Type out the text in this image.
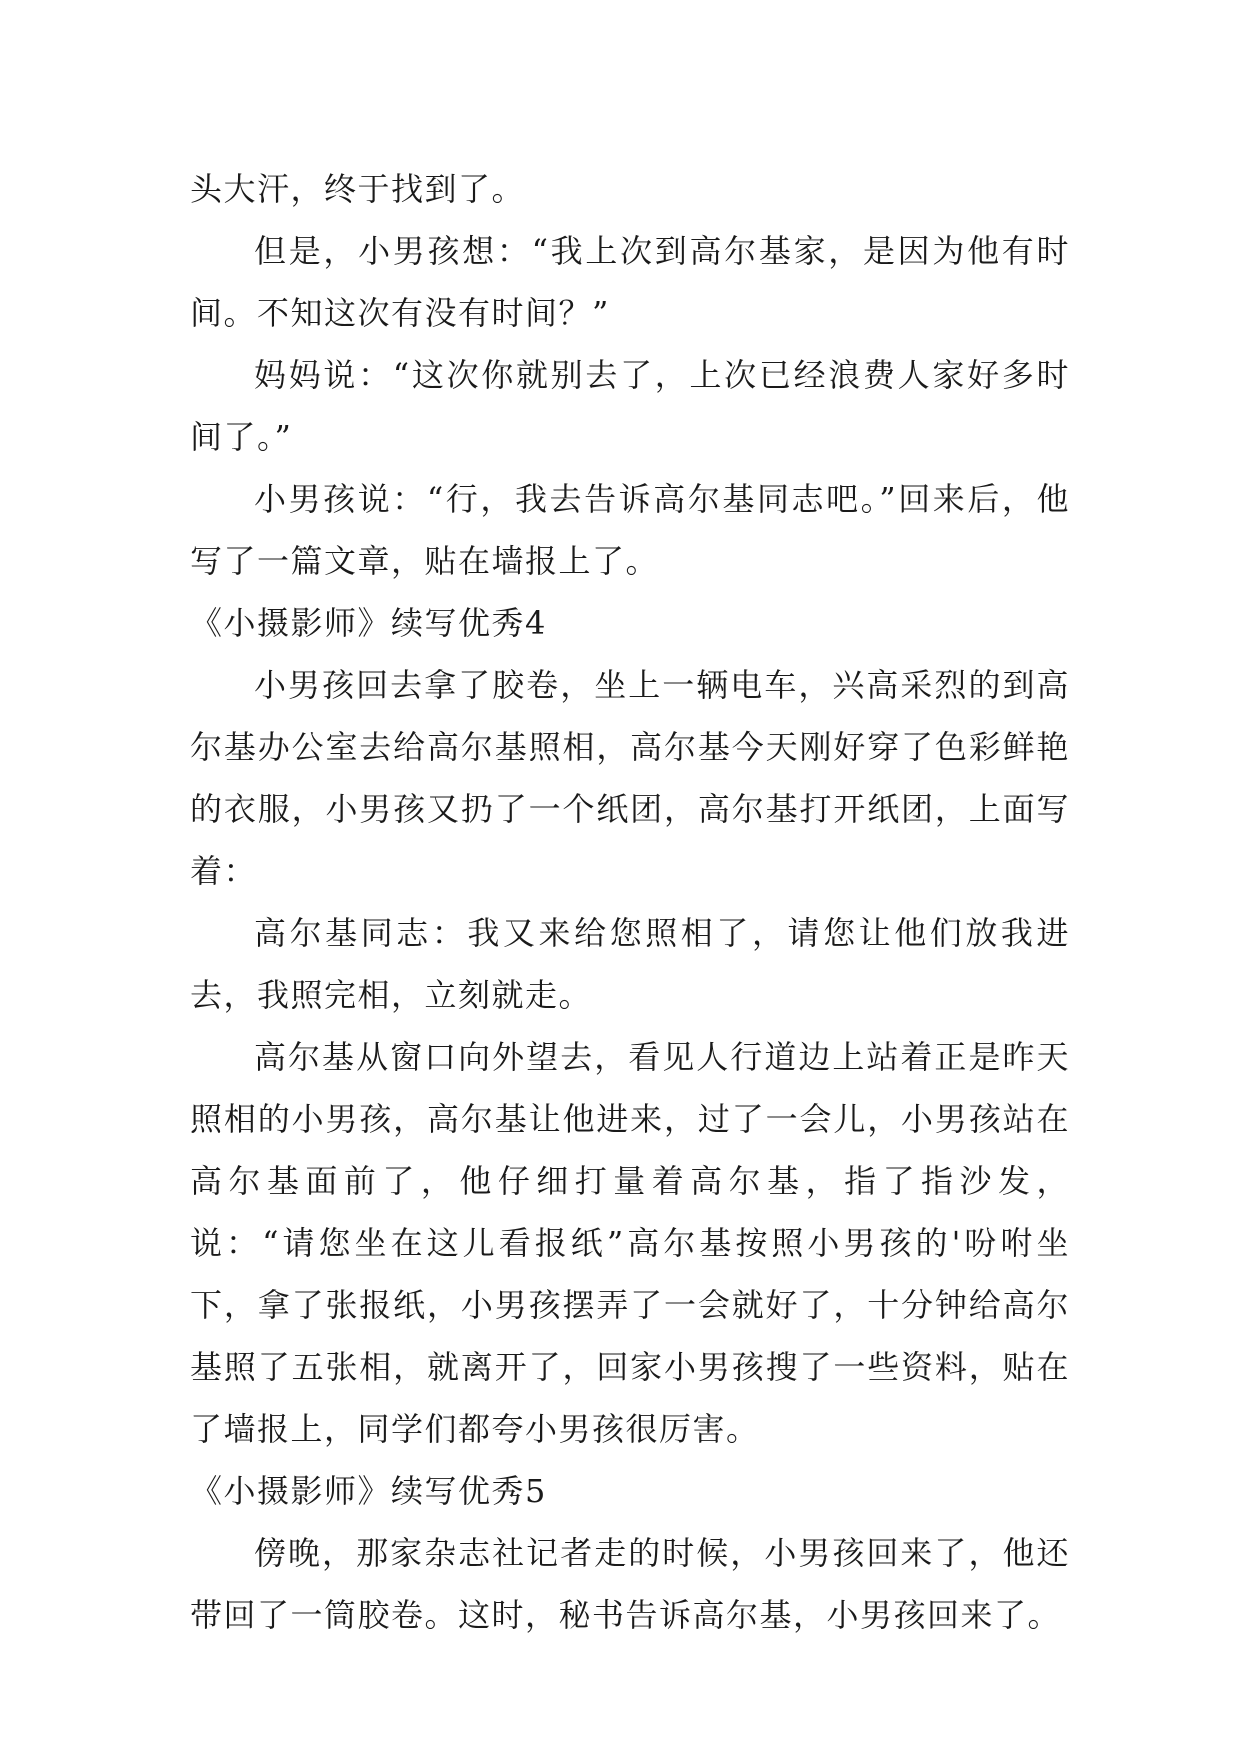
头大汗，终于找到了。

但是，小男孩想：“我上次到高尔基家，是因为他有时间。不知这次有没有时间？”

妈妈说：“这次你就别去了，上次已经浪费人家好多时间了。”

小男孩说：“行，我去告诉高尔基同志吧。”回来后，他写了一篇文章，贴在墙报上了。

《小摄影师》续写优秀4

小男孩回去拿了胶卷，坐上一辆电车，兴高采烈的到高尔基办公室去给高尔基照相，高尔基今天刚好穿了色彩鲜艳的衣服，小男孩又扔了一个纸团，高尔基打开纸团，上面写着：

高尔基同志：我又来给您照相了，请您让他们放我进去，我照完相，立刻就走。

高尔基从窗口向外望去，看见人行道边上站着正是昨天照相的小男孩，高尔基让他进来，过了一会儿，小男孩站在高尔基面前了，他仔细打量着高尔基，指了指沙发，说：“请您坐在这儿看报纸”高尔基按照小男孩的'吩咐坐下，拿了张报纸，小男孩摆弄了一会就好了，十分钟给高尔基照了五张相，就离开了，回家小男孩搜了一些资料，贴在了墙报上，同学们都夸小男孩很厉害。

《小摄影师》续写优秀5

傍晚，那家杂志社记者走的时候，小男孩回来了，他还带回了一筒胶卷。这时，秘书告诉高尔基，小男孩回来了。
